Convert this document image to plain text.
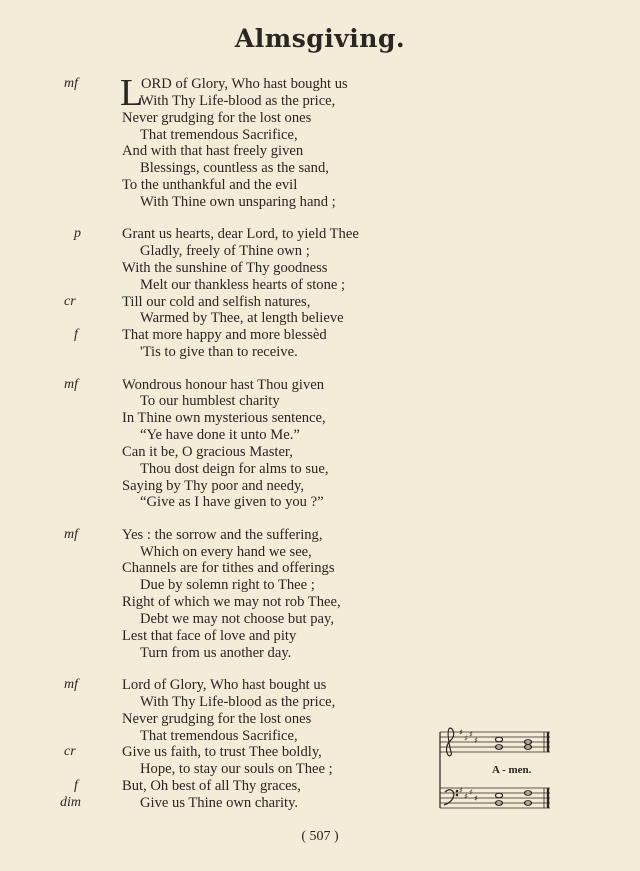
Almsgiving.
mf L
ORD of Glory, Who hast bought us
With Thy Life-blood as the price,
Never grudging for the lost ones
That tremendous Sacrifice,
And with that hast freely given
Blessings, countless as the sand,
To the unthankful and the evil
With Thine own unsparing hand ;
p	Grant us hearts, dear Lord, to yield Thee
Gladly, freely of Thine own ;
With the sunshine of Thy goodness
Melt our thankless hearts of stone ;
cr	Till our cold and selfish natures,
Warmed by Thee, at length believe
f	That more happy and more blessèd
'Tis to give than to receive.
mf	Wondrous honour hast Thou given
To our humblest charity
In Thine own mysterious sentence,
“Ye have done it unto Me.”
Can it be, O gracious Master,
Thou dost deign for alms to sue,
Saying by Thy poor and needy,
“Give as I have given to you ?”
mf	Yes : the sorrow and the suffering,
Which on every hand we see,
Channels are for tithes and offerings
Due by solemn right to Thee ;
Right of which we may not rob Thee,
Debt we may not choose but pay,
Lest that face of love and pity
Turn from us another day.
mf	Lord of Glory, Who hast bought us
With Thy Life-blood as the price,
Never grudging for the lost ones
That tremendous Sacrifice,
cr	Give us faith, to trust Thee boldly,
Hope, to stay our souls on Thee ;
f	But, Oh best of all Thy graces,
dim	Give us Thine own charity.
♯
♯ ♯
♯
♯
♯ ♯
♯
A - men.
( 507 )
